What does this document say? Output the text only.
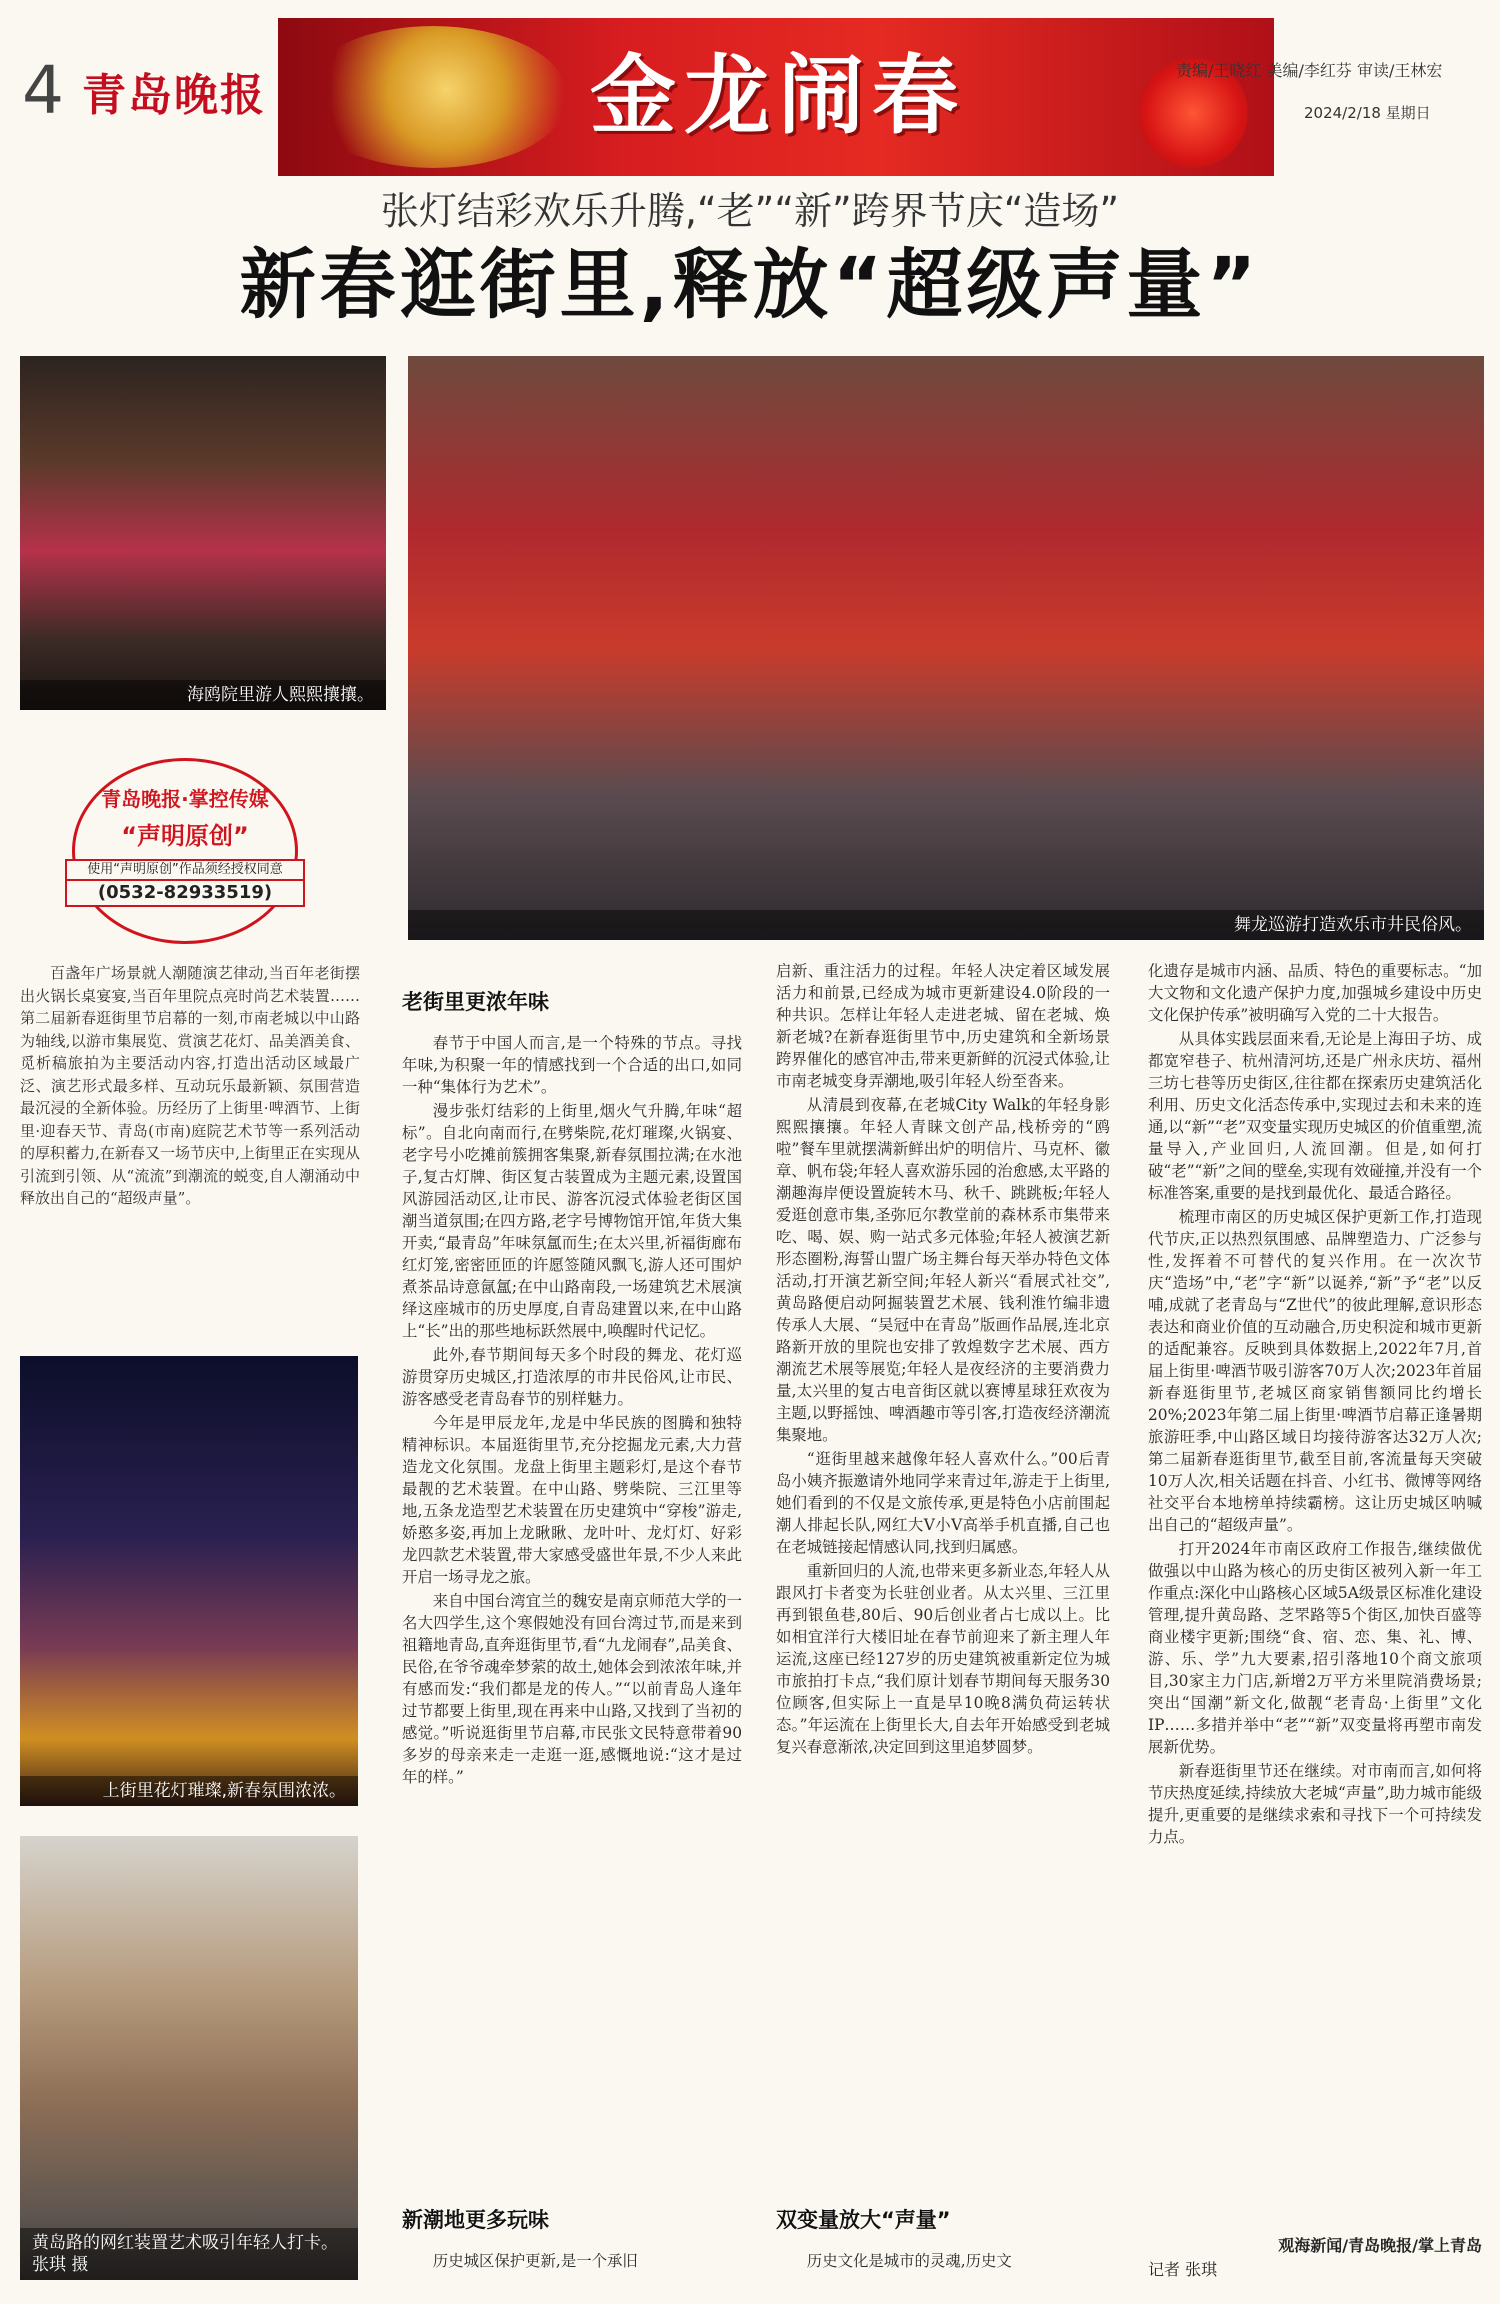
4 青岛晚报	金龙闹春	责编/王晓红 美编/李红芬 审读/王林宏
2024/2/18 星期日
张灯结彩欢乐升腾,“老”“新”跨界节庆“造场”
新春逛街里,释放“超级声量”
海鸥院里游人熙熙攘攘。
舞龙巡游打造欢乐市井民俗风。
青岛晚报·掌控传媒
“声明原创”
使用“声明原创”作品须经授权同意
(0532-82933519)
上街里花灯璀璨,新春氛围浓浓。
黄岛路的网红装置艺术吸引年轻人打卡。张琪 摄

百盏年广场景就人潮随演艺律动,当百年老街摆出火锅长桌宴宴,当百年里院点亮时尚艺术装置……第二届新春逛街里节启幕的一刻,市南老城以中山路为轴线,以游市集展览、赏演艺花灯、品美酒美食、觅析稿旅拍为主要活动内容,打造出活动区域最广泛、演艺形式最多样、互动玩乐最新颖、氛围营造最沉浸的全新体验。历经历了上街里·啤酒节、上街里·迎春天节、青岛(市南)庭院艺术节等一系列活动的厚积蓄力,在新春又一场节庆中,上街里正在实现从引流到引领、从“流流”到潮流的蜕变,自人潮涌动中释放出自己的“超级声量”。

老街里更浓年味

春节于中国人而言,是一个特殊的节点。寻找年味,为积聚一年的情感找到一个合适的出口,如同一种“集体行为艺术”。

漫步张灯结彩的上街里,烟火气升腾,年味“超标”。自北向南而行,在劈柴院,花灯璀璨,火锅宴、老字号小吃摊前簇拥客集聚,新春氛围拉满;在水池子,复古灯牌、街区复古装置成为主题元素,设置国风游园活动区,让市民、游客沉浸式体验老街区国潮当道氛围;在四方路,老字号博物馆开馆,年货大集开卖,“最青岛”年味氛氲而生;在太兴里,祈福街廊布红灯笼,密密匝匝的许愿签随风飘飞,游人还可围炉煮茶品诗意氤氲;在中山路南段,一场建筑艺术展演绎这座城市的历史厚度,自青岛建置以来,在中山路上“长”出的那些地标跃然展中,唤醒时代记忆。

此外,春节期间每天多个时段的舞龙、花灯巡游贯穿历史城区,打造浓厚的市井民俗风,让市民、游客感受老青岛春节的别样魅力。

今年是甲辰龙年,龙是中华民族的图腾和独特精神标识。本届逛街里节,充分挖掘龙元素,大力营造龙文化氛围。龙盘上街里主题彩灯,是这个春节最靓的艺术装置。在中山路、劈柴院、三江里等地,五条龙造型艺术装置在历史建筑中“穿梭”游走,娇憨多姿,再加上龙瞅瞅、龙叶叶、龙灯灯、好彩龙四款艺术装置,带大家感受盛世年景,不少人来此开启一场寻龙之旅。

来自中国台湾宜兰的魏安是南京师范大学的一名大四学生,这个寒假她没有回台湾过节,而是来到祖籍地青岛,直奔逛街里节,看“九龙闹春”,品美食、民俗,在爷爷魂牵梦萦的故土,她体会到浓浓年味,并有感而发:“我们都是龙的传人。”“以前青岛人逢年过节都要上街里,现在再来中山路,又找到了当初的感觉。”听说逛街里节启幕,市民张文民特意带着90多岁的母亲来走一走逛一逛,感慨地说:“这才是过年的样。”

新潮地更多玩味

历史城区保护更新,是一个承旧

启新、重注活力的过程。年轻人决定着区域发展活力和前景,已经成为城市更新建设4.0阶段的一种共识。怎样让年轻人走进老城、留在老城、焕新老城?在新春逛街里节中,历史建筑和全新场景跨界催化的感官冲击,带来更新鲜的沉浸式体验,让市南老城变身弄潮地,吸引年轻人纷至沓来。

从清晨到夜幕,在老城City Walk的年轻身影熙熙攘攘。年轻人青睐文创产品,栈桥旁的“鸥啦”餐车里就摆满新鲜出炉的明信片、马克杯、徽章、帆布袋;年轻人喜欢游乐园的治愈感,太平路的潮趣海岸便设置旋转木马、秋千、跳跳板;年轻人爱逛创意市集,圣弥厄尔教堂前的森林系市集带来吃、喝、娱、购一站式多元体验;年轻人被演艺新形态圈粉,海誓山盟广场主舞台每天举办特色文体活动,打开演艺新空间;年轻人新兴“看展式社交”,黄岛路便启动阿掘装置艺术展、钱利淮竹编非遗传承人大展、“吴冠中在青岛”版画作品展,连北京路新开放的里院也安排了敦煌数字艺术展、西方潮流艺术展等展览;年轻人是夜经济的主要消费力量,太兴里的复古电音街区就以赛博星球狂欢夜为主题,以野摇蚀、啤酒趣市等引客,打造夜经济潮流集聚地。

“逛街里越来越像年轻人喜欢什么。”00后青岛小姨齐振邀请外地同学来青过年,游走于上街里,她们看到的不仅是文旅传承,更是特色小店前围起潮人排起长队,网红大V小V高举手机直播,自己也在老城链接起情感认同,找到归属感。

重新回归的人流,也带来更多新业态,年轻人从跟风打卡者变为长驻创业者。从太兴里、三江里再到银鱼巷,80后、90后创业者占七成以上。比如相宜洋行大楼旧址在春节前迎来了新主理人年运流,这座已经127岁的历史建筑被重新定位为城市旅拍打卡点,“我们原计划春节期间每天服务30位顾客,但实际上一直是早10晚8满负荷运转状态。”年运流在上街里长大,自去年开始感受到老城复兴春意渐浓,决定回到这里追梦圆梦。

双变量放大“声量”

历史文化是城市的灵魂,历史文

化遗存是城市内涵、品质、特色的重要标志。“加大文物和文化遗产保护力度,加强城乡建设中历史文化保护传承”被明确写入党的二十大报告。

从具体实践层面来看,无论是上海田子坊、成都宽窄巷子、杭州清河坊,还是广州永庆坊、福州三坊七巷等历史街区,往往都在探索历史建筑活化利用、历史文化活态传承中,实现过去和未来的连通,以“新”“老”双变量实现历史城区的价值重塑,流量导入,产业回归,人流回潮。但是,如何打破“老”“新”之间的壁垒,实现有效碰撞,并没有一个标准答案,重要的是找到最优化、最适合路径。

梳理市南区的历史城区保护更新工作,打造现代节庆,正以热烈氛围感、品牌塑造力、广泛参与性,发挥着不可替代的复兴作用。在一次次节庆“造场”中,“老”字“新”以诞养,“新”予“老”以反哺,成就了老青岛与“Z世代”的彼此理解,意识形态表达和商业价值的互动融合,历史积淀和城市更新的适配兼容。反映到具体数据上,2022年7月,首届上街里·啤酒节吸引游客70万人次;2023年首届新春逛街里节,老城区商家销售额同比约增长20%;2023年第二届上街里·啤酒节启幕正逢暑期旅游旺季,中山路区域日均接待游客达32万人次;第二届新春逛街里节,截至目前,客流量每天突破10万人次,相关话题在抖音、小红书、微博等网络社交平台本地榜单持续霸榜。这让历史城区呐喊出自己的“超级声量”。

打开2024年市南区政府工作报告,继续做优做强以中山路为核心的历史街区被列入新一年工作重点:深化中山路核心区域5A级景区标准化建设管理,提升黄岛路、芝罘路等5个街区,加快百盛等商业楼宇更新;围绕“食、宿、恋、集、礼、博、游、乐、学”九大要素,招引落地10个商文旅项目,30家主力门店,新增2万平方米里院消费场景;突出“国潮”新文化,做靓“老青岛·上街里”文化IP……多措并举中“老”“新”双变量将再塑市南发展新优势。

新春逛街里节还在继续。对市南而言,如何将节庆热度延续,持续放大老城“声量”,助力城市能级提升,更重要的是继续求索和寻找下一个可持续发力点。

观海新闻/青岛晚报/掌上青岛
记者 张琪
